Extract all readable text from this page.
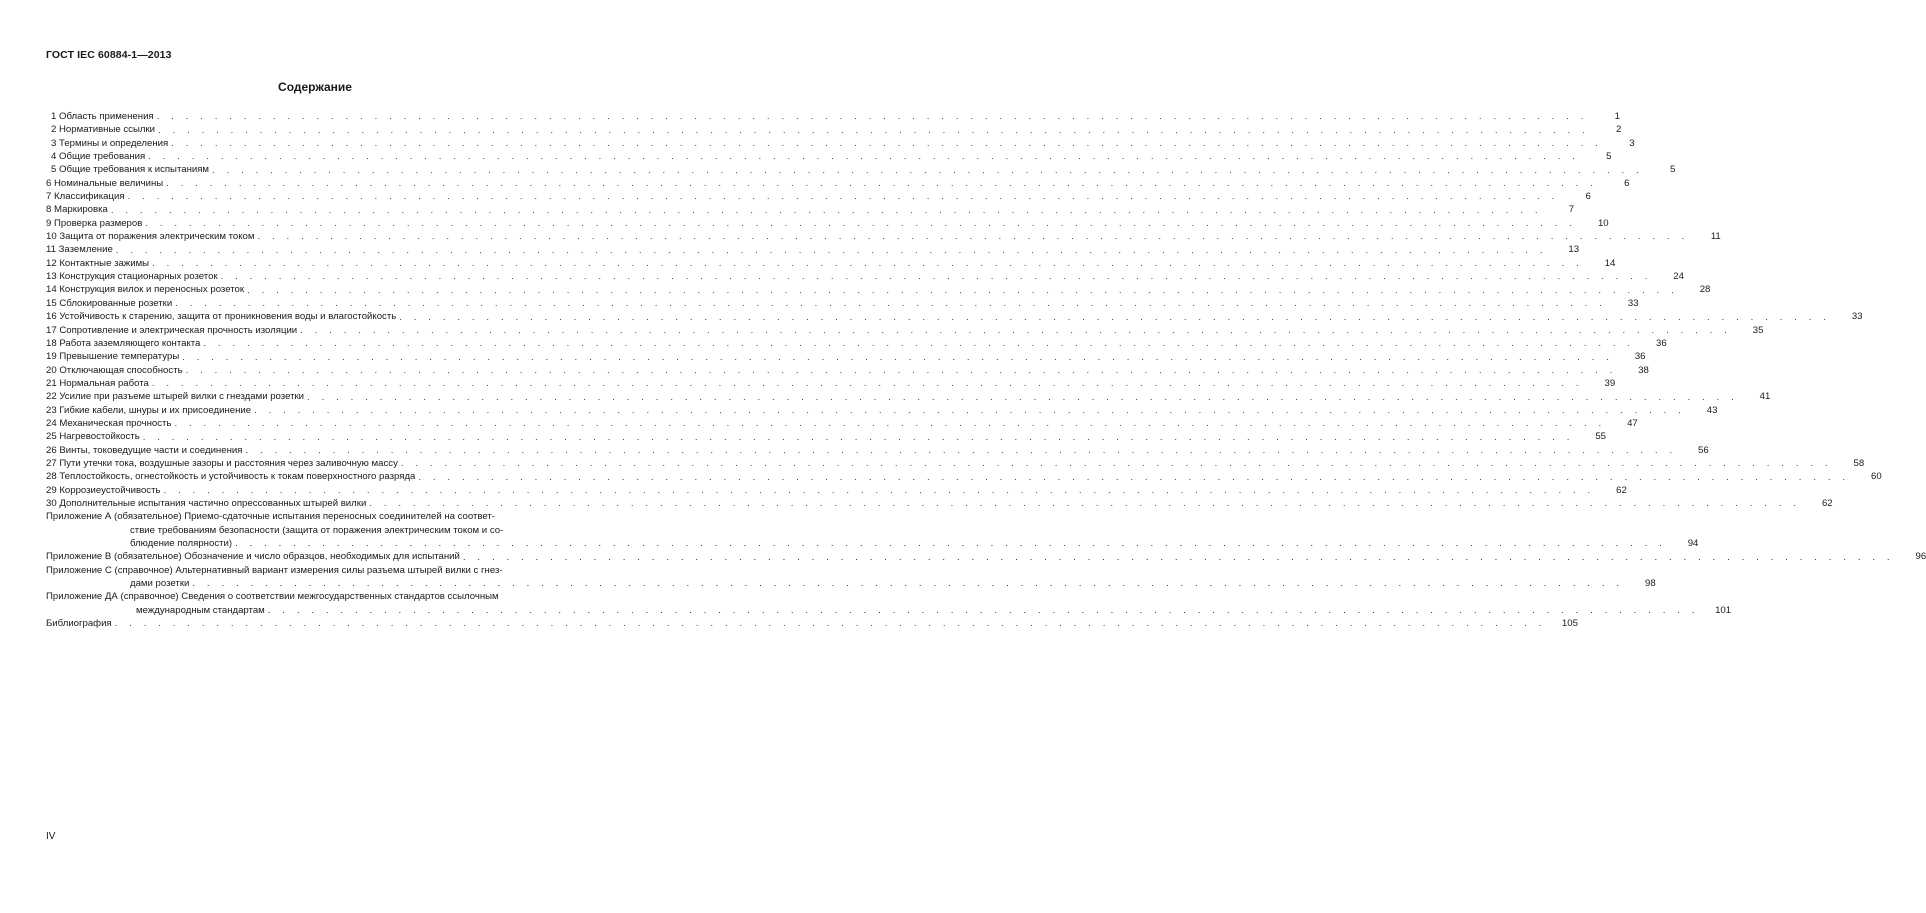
ГОСТ IEC 60884-1—2013
Содержание
1 Область применения . . . . . . . . . . . . . . . . . . . . . . . . . . . . . . . . . . . . . . . . . . . . . . . . . . . . . . . . . . . . . . . . . . . . . . . . . . . . . . . . . . . . . . . . . . . . . . . . . . .	1
2 Нормативные ссылки . . . . . . . . . . . . . . . . . . . . . . . . . . . . . . . . . . . . . . . . . . . . . . . . . . . . . . . . . . . . . . . . . . . . . . . . . . . . . . . . . . . . . . . . . . . . . . . . . . .	2
3 Термины и определения . . . . . . . . . . . . . . . . . . . . . . . . . . . . . . . . . . . . . . . . . . . . . . . . . . . . . . . . . . . . . . . . . . . . . . . . . . . . . . . . . . . . . . . . . . . . . . . . . . .	3
4 Общие требования . . . . . . . . . . . . . . . . . . . . . . . . . . . . . . . . . . . . . . . . . . . . . . . . . . . . . . . . . . . . . . . . . . . . . . . . . . . . . . . . . . . . . . . . . . . . . . . . . . .	5
5 Общие требования к испытаниям . . . . . . . . . . . . . . . . . . . . . . . . . . . . . . . . . . . . . . . . . . . . . . . . . . . . . . . . . . . . . . . . . . . . . . . . . . . . . . . . . . . . . . . . . . . . . . . . . . .	5
6 Номинальные величины . . . . . . . . . . . . . . . . . . . . . . . . . . . . . . . . . . . . . . . . . . . . . . . . . . . . . . . . . . . . . . . . . . . . . . . . . . . . . . . . . . . . . . . . . . . . . . . . . . .	6
7 Классификация . . . . . . . . . . . . . . . . . . . . . . . . . . . . . . . . . . . . . . . . . . . . . . . . . . . . . . . . . . . . . . . . . . . . . . . . . . . . . . . . . . . . . . . . . . . . . . . . . . .	6
8 Маркировка . . . . . . . . . . . . . . . . . . . . . . . . . . . . . . . . . . . . . . . . . . . . . . . . . . . . . . . . . . . . . . . . . . . . . . . . . . . . . . . . . . . . . . . . . . . . . . . . . . .	7
9 Проверка размеров . . . . . . . . . . . . . . . . . . . . . . . . . . . . . . . . . . . . . . . . . . . . . . . . . . . . . . . . . . . . . . . . . . . . . . . . . . . . . . . . . . . . . . . . . . . . . . . . . . .	10
10 Защита от поражения электрическим током . . . . . . . . . . . . . . . . . . . . . . . . . . . . . . . . . . . . . . . . . . . . . . . . . . . . . . . . . . . . . . . . . . . . . . . . . . . . . . . . . . . . . . . . . . . . . . . . . . .	11
11 Заземление . . . . . . . . . . . . . . . . . . . . . . . . . . . . . . . . . . . . . . . . . . . . . . . . . . . . . . . . . . . . . . . . . . . . . . . . . . . . . . . . . . . . . . . . . . . . . . . . . . .	13
12 Контактные зажимы . . . . . . . . . . . . . . . . . . . . . . . . . . . . . . . . . . . . . . . . . . . . . . . . . . . . . . . . . . . . . . . . . . . . . . . . . . . . . . . . . . . . . . . . . . . . . . . . . . .	14
13 Конструкция стационарных розеток . . . . . . . . . . . . . . . . . . . . . . . . . . . . . . . . . . . . . . . . . . . . . . . . . . . . . . . . . . . . . . . . . . . . . . . . . . . . . . . . . . . . . . . . . . . . . . . . . . .	24
14 Конструкция вилок и переносных розеток . . . . . . . . . . . . . . . . . . . . . . . . . . . . . . . . . . . . . . . . . . . . . . . . . . . . . . . . . . . . . . . . . . . . . . . . . . . . . . . . . . . . . . . . . . . . . . . . . . .	28
15 Сблокированные розетки . . . . . . . . . . . . . . . . . . . . . . . . . . . . . . . . . . . . . . . . . . . . . . . . . . . . . . . . . . . . . . . . . . . . . . . . . . . . . . . . . . . . . . . . . . . . . . . . . . .	33
16 Устойчивость к старению, защита от проникновения воды и влагостойкость . . . . . . . . . . . . . . . . . . . . . . . . . . . . . . . . . . . . . . . . . . . . . . . . . . . . . . . . . . . . . . . . . . . . . . . . . . . . . . . . . . . . . . . . . . . . . . . . . . .	33
17 Сопротивление и электрическая прочность изоляции . . . . . . . . . . . . . . . . . . . . . . . . . . . . . . . . . . . . . . . . . . . . . . . . . . . . . . . . . . . . . . . . . . . . . . . . . . . . . . . . . . . . . . . . . . . . . . . . . . .	35
18 Работа заземляющего контакта . . . . . . . . . . . . . . . . . . . . . . . . . . . . . . . . . . . . . . . . . . . . . . . . . . . . . . . . . . . . . . . . . . . . . . . . . . . . . . . . . . . . . . . . . . . . . . . . . . .	36
19 Превышение температуры . . . . . . . . . . . . . . . . . . . . . . . . . . . . . . . . . . . . . . . . . . . . . . . . . . . . . . . . . . . . . . . . . . . . . . . . . . . . . . . . . . . . . . . . . . . . . . . . . . .	36
20 Отключающая способность . . . . . . . . . . . . . . . . . . . . . . . . . . . . . . . . . . . . . . . . . . . . . . . . . . . . . . . . . . . . . . . . . . . . . . . . . . . . . . . . . . . . . . . . . . . . . . . . . . .	38
21 Нормальная работа . . . . . . . . . . . . . . . . . . . . . . . . . . . . . . . . . . . . . . . . . . . . . . . . . . . . . . . . . . . . . . . . . . . . . . . . . . . . . . . . . . . . . . . . . . . . . . . . . . .	39
22 Усилие при разъеме штырей вилки с гнездами розетки . . . . . . . . . . . . . . . . . . . . . . . . . . . . . . . . . . . . . . . . . . . . . . . . . . . . . . . . . . . . . . . . . . . . . . . . . . . . . . . . . . . . . . . . . . . . . . . . . . .	41
23 Гибкие кабели, шнуры и их присоединение . . . . . . . . . . . . . . . . . . . . . . . . . . . . . . . . . . . . . . . . . . . . . . . . . . . . . . . . . . . . . . . . . . . . . . . . . . . . . . . . . . . . . . . . . . . . . . . . . . .	43
24 Механическая прочность . . . . . . . . . . . . . . . . . . . . . . . . . . . . . . . . . . . . . . . . . . . . . . . . . . . . . . . . . . . . . . . . . . . . . . . . . . . . . . . . . . . . . . . . . . . . . . . . . . .	47
25 Нагревостойкость . . . . . . . . . . . . . . . . . . . . . . . . . . . . . . . . . . . . . . . . . . . . . . . . . . . . . . . . . . . . . . . . . . . . . . . . . . . . . . . . . . . . . . . . . . . . . . . . . . .	55
26 Винты, токоведущие части и соединения . . . . . . . . . . . . . . . . . . . . . . . . . . . . . . . . . . . . . . . . . . . . . . . . . . . . . . . . . . . . . . . . . . . . . . . . . . . . . . . . . . . . . . . . . . . . . . . . . . .	56
27 Пути утечки тока, воздушные зазоры и расстояния через заливочную массу . . . . . . . . . . . . . . . . . . . . . . . . . . . . . . . . . . . . . . . . . . . . . . . . . . . . . . . . . . . . . . . . . . . . . . . . . . . . . . . . . . . . . . . . . . . . . . . . . . .	58
28 Теплостойкость, огнестойкость и устойчивость к токам поверхностного разряда . . . . . . . . . . . . . . . . . . . . . . . . . . . . . . . . . . . . . . . . . . . . . . . . . . . . . . . . . . . . . . . . . . . . . . . . . . . . . . . . . . . . . . . . . . . . . . . . . . .	60
29 Коррозиеустойчивость . . . . . . . . . . . . . . . . . . . . . . . . . . . . . . . . . . . . . . . . . . . . . . . . . . . . . . . . . . . . . . . . . . . . . . . . . . . . . . . . . . . . . . . . . . . . . . . . . . .	62
30 Дополнительные испытания частично опрессованных штырей вилки . . . . . . . . . . . . . . . . . . . . . . . . . . . . . . . . . . . . . . . . . . . . . . . . . . . . . . . . . . . . . . . . . . . . . . . . . . . . . . . . . . . . . . . . . . . . . . . . . . .	62
Приложение А (обязательное) Приемо-сдаточные испытания переносных соединителей на соответ-
ствие требованиям безопасности (защита от поражения электрическим током и со-
блюдение полярности) . . . . . . . . . . . . . . . . . . . . . . . . . . . . . . . . . . . . . . . . . . . . . . . . . . . . . . . . . . . . . . . . . . . . . . . . . . . . . . . . . . . . . . . . . . . . . . . . . . .	94
Приложение В (обязательное) Обозначение и число образцов, необходимых для испытаний . . . . . . . . . . . . . . . . . . . . . . . . . . . . . . . . . . . . . . . . . . . . . . . . . . . . . . . . . . . . . . . . . . . . . . . . . . . . . . . . . . . . . . . . . . . . . . . . . . .	96
Приложение С (справочное) Альтернативный вариант измерения силы разъема штырей вилки с гнез-
дами розетки . . . . . . . . . . . . . . . . . . . . . . . . . . . . . . . . . . . . . . . . . . . . . . . . . . . . . . . . . . . . . . . . . . . . . . . . . . . . . . . . . . . . . . . . . . . . . . . . . . .	98
Приложение ДА (справочное) Сведения о соответствии межгосударственных стандартов ссылочным
международным стандартам . . . . . . . . . . . . . . . . . . . . . . . . . . . . . . . . . . . . . . . . . . . . . . . . . . . . . . . . . . . . . . . . . . . . . . . . . . . . . . . . . . . . . . . . . . . . . . . . . . .	101
Библиография . . . . . . . . . . . . . . . . . . . . . . . . . . . . . . . . . . . . . . . . . . . . . . . . . . . . . . . . . . . . . . . . . . . . . . . . . . . . . . . . . . . . . . . . . . . . . . . . . . .	105
IV
